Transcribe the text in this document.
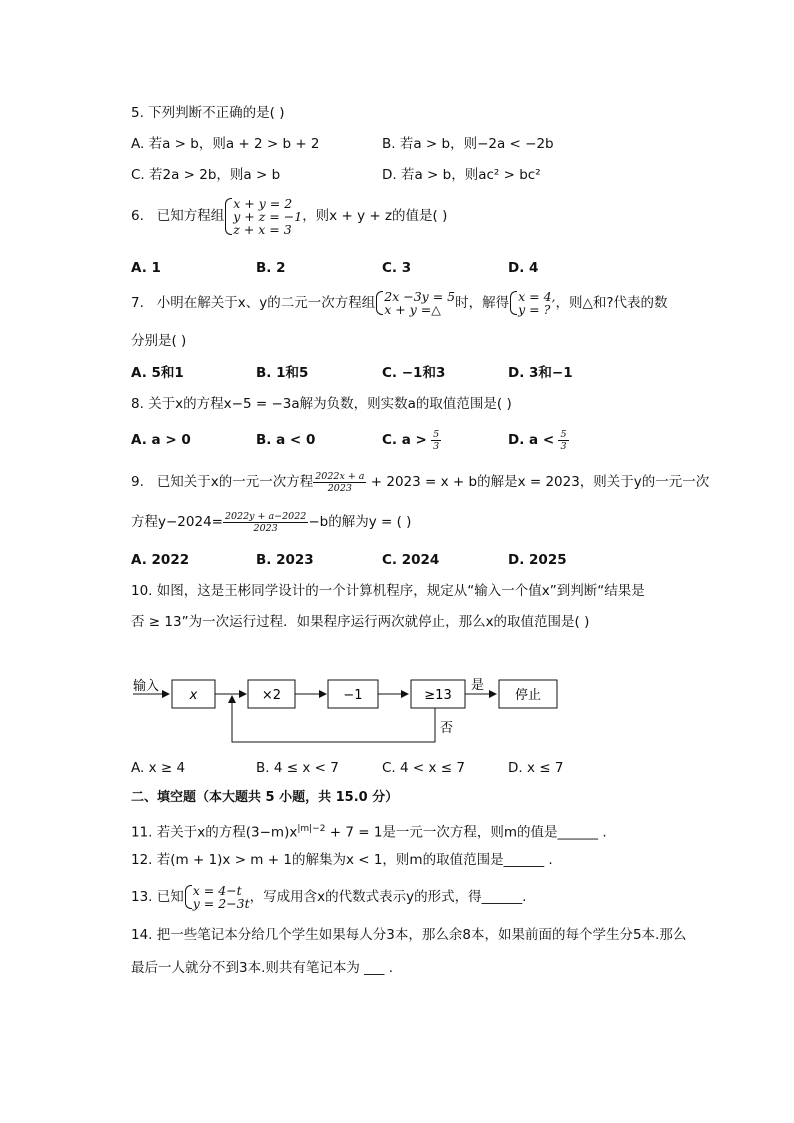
5. 下列判断不正确的是( )
A. 若a > b，则a + 2 > b + 2	B. 若a > b，则−2a < −2b
C. 若2a > 2b，则a > b	D. 若a > b，则ac² > bc²
6. 已知方程组
x + y = 2
y + z = −1
z + x = 3
，则x + y + z的值是( )
A. 1	B. 2	C. 3	D. 4
7. 小明在解关于x、y的二元一次方程组 2x −3y = 5
x + y =△	时，解得 x = 4,
y = ? ，则△和?代表的数
分别是( )
A. 5和1	B. 1和5	C. −1和3	D. 3和−1
8. 关于x的方程x−5 = −3a解为负数，则实数a的取值范围是( )
A. a > 0	B. a < 0	C. $a > \frac{5}{3}$	D. $a < \frac{5}{3}$
9. 已知关于x的一元一次方程 $\frac{2022x + a}{2023} + 2023 = x + b$的解是x = 2023，则关于y的一元一次
方程$y-2024= \frac{2022y + a-2022}{2023} -b$的解为y = ( )
A. 2022	B. 2023	C. 2024	D. 2025
10. 如图，这是王彬同学设计的一个计算机程序，规定从“输入一个值x”到判断“结果是
否 ≥ 13”为一次运行过程．如果程序运行两次就停止，那么x的取值范围是( )
输入
x	×2	−1	≥13
是
停止
否
A. x ≥ 4	B. 4 ≤ x < 7	C. 4 < x ≤ 7	D. x ≤ 7
二、填空题（本大题共 5 小题，共 15.0 分）
11. 若关于x的方程$(3-m)x^{|m|-2} + 7 = 1$是一元一次方程，则m的值是______ .
12. 若(m + 1)x > m + 1的解集为x < 1，则m的取值范围是______ .
13. 已知 x = 4−t
y = 2−3t ，写成用含x的代数式表示y的形式，得______.
14. 把一些笔记本分给几个学生如果每人分3本，那么余8本，如果前面的每个学生分5本.那么
最后一人就分不到3本.则共有笔记本为 ___ .
